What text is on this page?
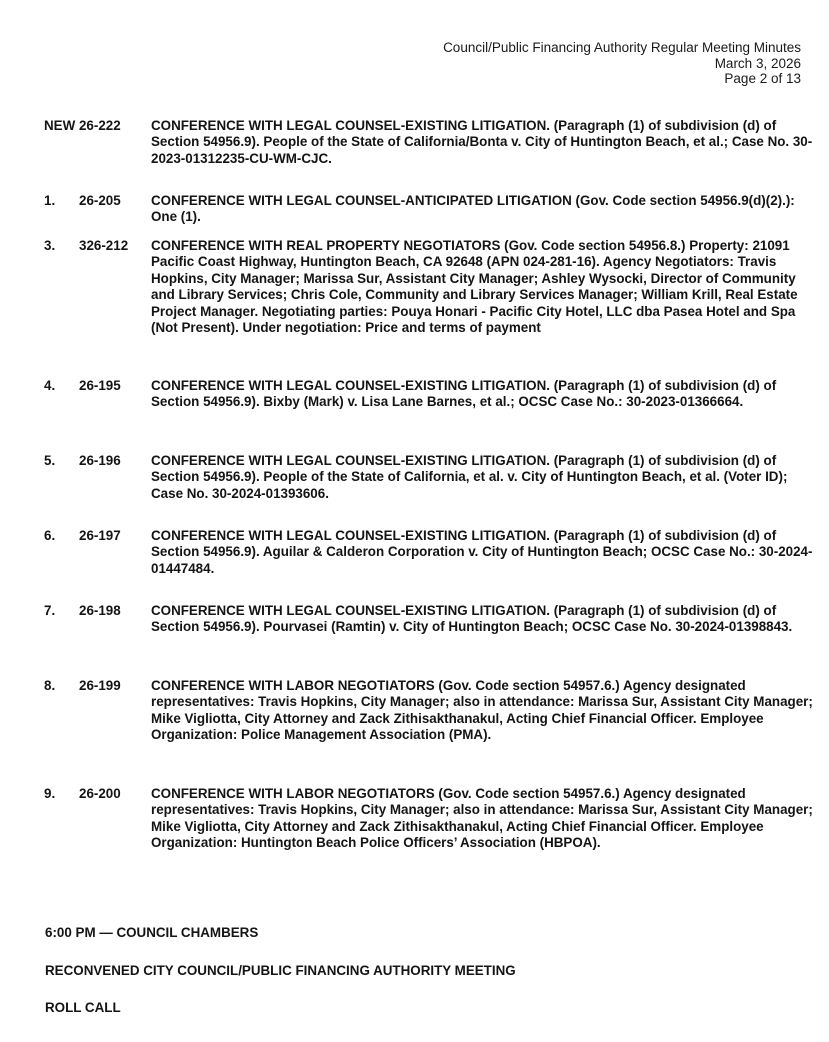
Council/Public Financing Authority Regular Meeting Minutes
March 3, 2026
Page 2 of 13
NEW 26-222 CONFERENCE WITH LEGAL COUNSEL-EXISTING LITIGATION. (Paragraph (1) of subdivision (d) of Section 54956.9). People of the State of California/Bonta v. City of Huntington Beach, et al.; Case No. 30-2023-01312235-CU-WM-CJC.
1. 26-205 CONFERENCE WITH LEGAL COUNSEL-ANTICIPATED LITIGATION (Gov. Code section 54956.9(d)(2).): One (1).
3. 326-212 CONFERENCE WITH REAL PROPERTY NEGOTIATORS (Gov. Code section 54956.8.) Property: 21091 Pacific Coast Highway, Huntington Beach, CA 92648 (APN 024-281-16). Agency Negotiators: Travis Hopkins, City Manager; Marissa Sur, Assistant City Manager; Ashley Wysocki, Director of Community and Library Services; Chris Cole, Community and Library Services Manager; William Krill, Real Estate Project Manager. Negotiating parties: Pouya Honari - Pacific City Hotel, LLC dba Pasea Hotel and Spa (Not Present). Under negotiation: Price and terms of payment
4. 26-195 CONFERENCE WITH LEGAL COUNSEL-EXISTING LITIGATION. (Paragraph (1) of subdivision (d) of Section 54956.9). Bixby (Mark) v. Lisa Lane Barnes, et al.; OCSC Case No.: 30-2023-01366664.
5. 26-196 CONFERENCE WITH LEGAL COUNSEL-EXISTING LITIGATION. (Paragraph (1) of subdivision (d) of Section 54956.9). People of the State of California, et al. v. City of Huntington Beach, et al. (Voter ID); Case No. 30-2024-01393606.
6. 26-197 CONFERENCE WITH LEGAL COUNSEL-EXISTING LITIGATION. (Paragraph (1) of subdivision (d) of Section 54956.9). Aguilar & Calderon Corporation v. City of Huntington Beach; OCSC Case No.: 30-2024-01447484.
7. 26-198 CONFERENCE WITH LEGAL COUNSEL-EXISTING LITIGATION. (Paragraph (1) of subdivision (d) of Section 54956.9). Pourvasei (Ramtin) v. City of Huntington Beach; OCSC Case No. 30-2024-01398843.
8. 26-199 CONFERENCE WITH LABOR NEGOTIATORS (Gov. Code section 54957.6.) Agency designated representatives: Travis Hopkins, City Manager; also in attendance: Marissa Sur, Assistant City Manager; Mike Vigliotta, City Attorney and Zack Zithisakthanakul, Acting Chief Financial Officer. Employee Organization: Police Management Association (PMA).
9. 26-200 CONFERENCE WITH LABOR NEGOTIATORS (Gov. Code section 54957.6.) Agency designated representatives: Travis Hopkins, City Manager; also in attendance: Marissa Sur, Assistant City Manager; Mike Vigliotta, City Attorney and Zack Zithisakthanakul, Acting Chief Financial Officer. Employee Organization: Huntington Beach Police Officers’ Association (HBPOA).
6:00 PM — COUNCIL CHAMBERS
RECONVENED CITY COUNCIL/PUBLIC FINANCING AUTHORITY MEETING
ROLL CALL
